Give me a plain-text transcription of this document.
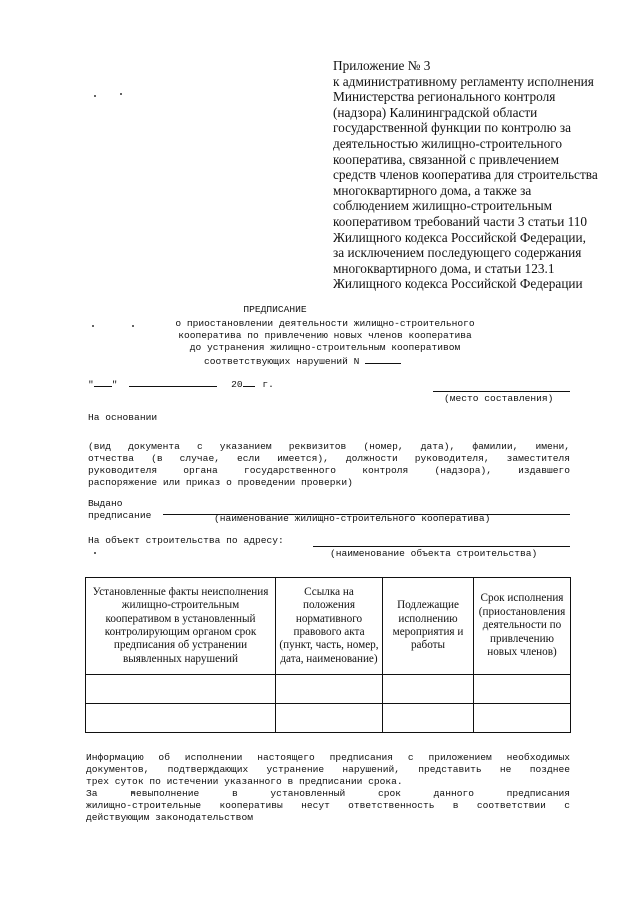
Приложение № 3
к административному регламенту исполнения
Министерства регионального контроля
(надзора) Калининградской области
государственной функции по контролю за
деятельностью жилищно-строительного
кооператива, связанной с привлечением
средств членов кооператива для строительства
многоквартирного дома, а также за
соблюдением жилищно-строительным
кооперативом требований части 3 статьи 110
Жилищного кодекса Российской Федерации,
за исключением последующего содержания
многоквартирного дома, и статьи 123.1
Жилищного кодекса Российской Федерации
ПРЕДПИСАНИЕ
о приостановлении деятельности жилищно-строительного
кооператива по привлечению новых членов кооператива
до устранения жилищно-строительным кооперативом
соответствующих нарушений N
" "	20 г.
(место составления)
На основании
(вид документа с указанием реквизитов (номер, дата), фамилии, имени,
отчества (в случае, если имеется), должности руководителя, заместителя
руководителя органа государственного контроля (надзора), издавшего
распоряжение или приказ о проведении проверки)
Выдано
предписание	(наименование жилищно-строительного кооператива)
На объект строительства по адресу:
(наименование объекта строительства)
Установленные факты неисполнения жилищно-строительным кооперативом в установленный контролирующим органом срок предписания об устранении выявленных нарушений	Ссылка на положения нормативного правового акта (пункт, часть, номер, дата, наименование)	Подлежащие исполнению мероприятия и работы	Срок исполнения (приостановления деятельности по привлечению новых членов)

Информацию об исполнении настоящего предписания с приложением необходимых
документов, подтверждающих устранение нарушений, представить не позднее
трех суток по истечении указанного в предписании срока.
За невыполнение в установленный срок данного предписания
жилищно-строительные кооперативы несут ответственность в соответствии с
действующим законодательством
